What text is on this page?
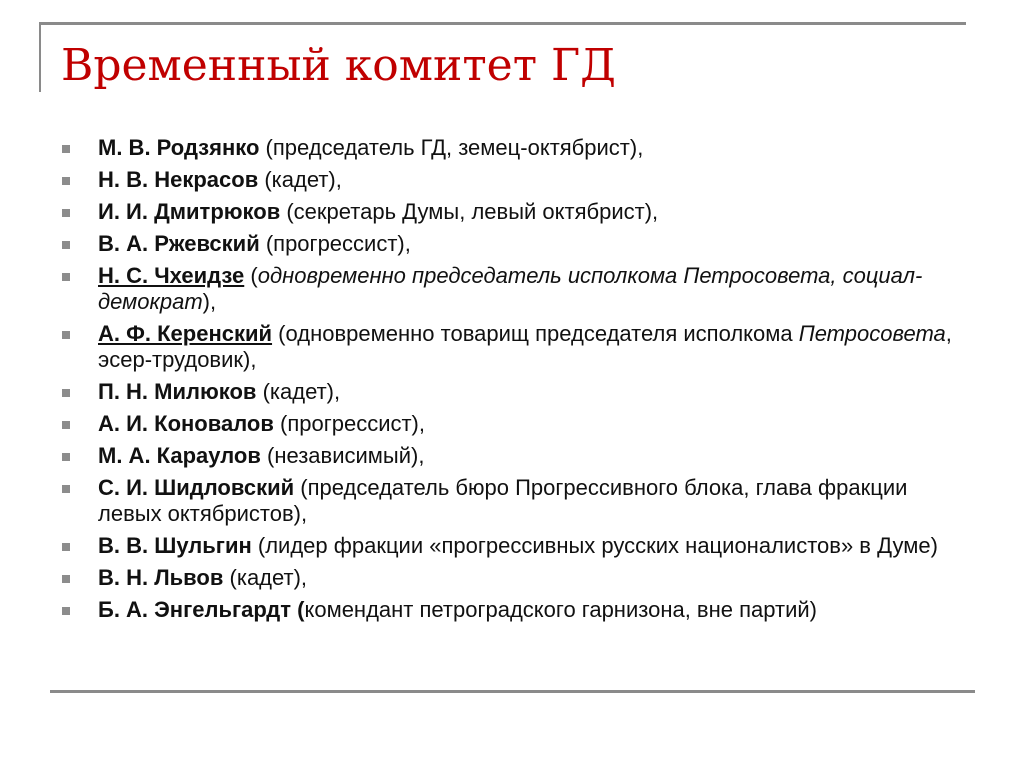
Временный комитет ГД
М. В. Родзянко (председатель ГД, земец-октябрист),
Н. В. Некрасов (кадет),
И. И. Дмитрюков (секретарь Думы, левый октябрист),
В. А. Ржевский (прогрессист),
Н. С. Чхеидзе (одновременно председатель исполкома Петросовета, социал-демократ),
А. Ф. Керенский (одновременно товарищ председателя исполкома Петросовета, эсер-трудовик),
П. Н. Милюков (кадет),
А. И. Коновалов (прогрессист),
М. А. Караулов (независимый),
С. И. Шидловский (председатель бюро Прогрессивного блока, глава фракции левых октябристов),
В. В. Шульгин (лидер фракции «прогрессивных русских националистов» в Думе)
В. Н. Львов (кадет),
Б. А. Энгельгардт (комендант петроградского гарнизона, вне партий)
